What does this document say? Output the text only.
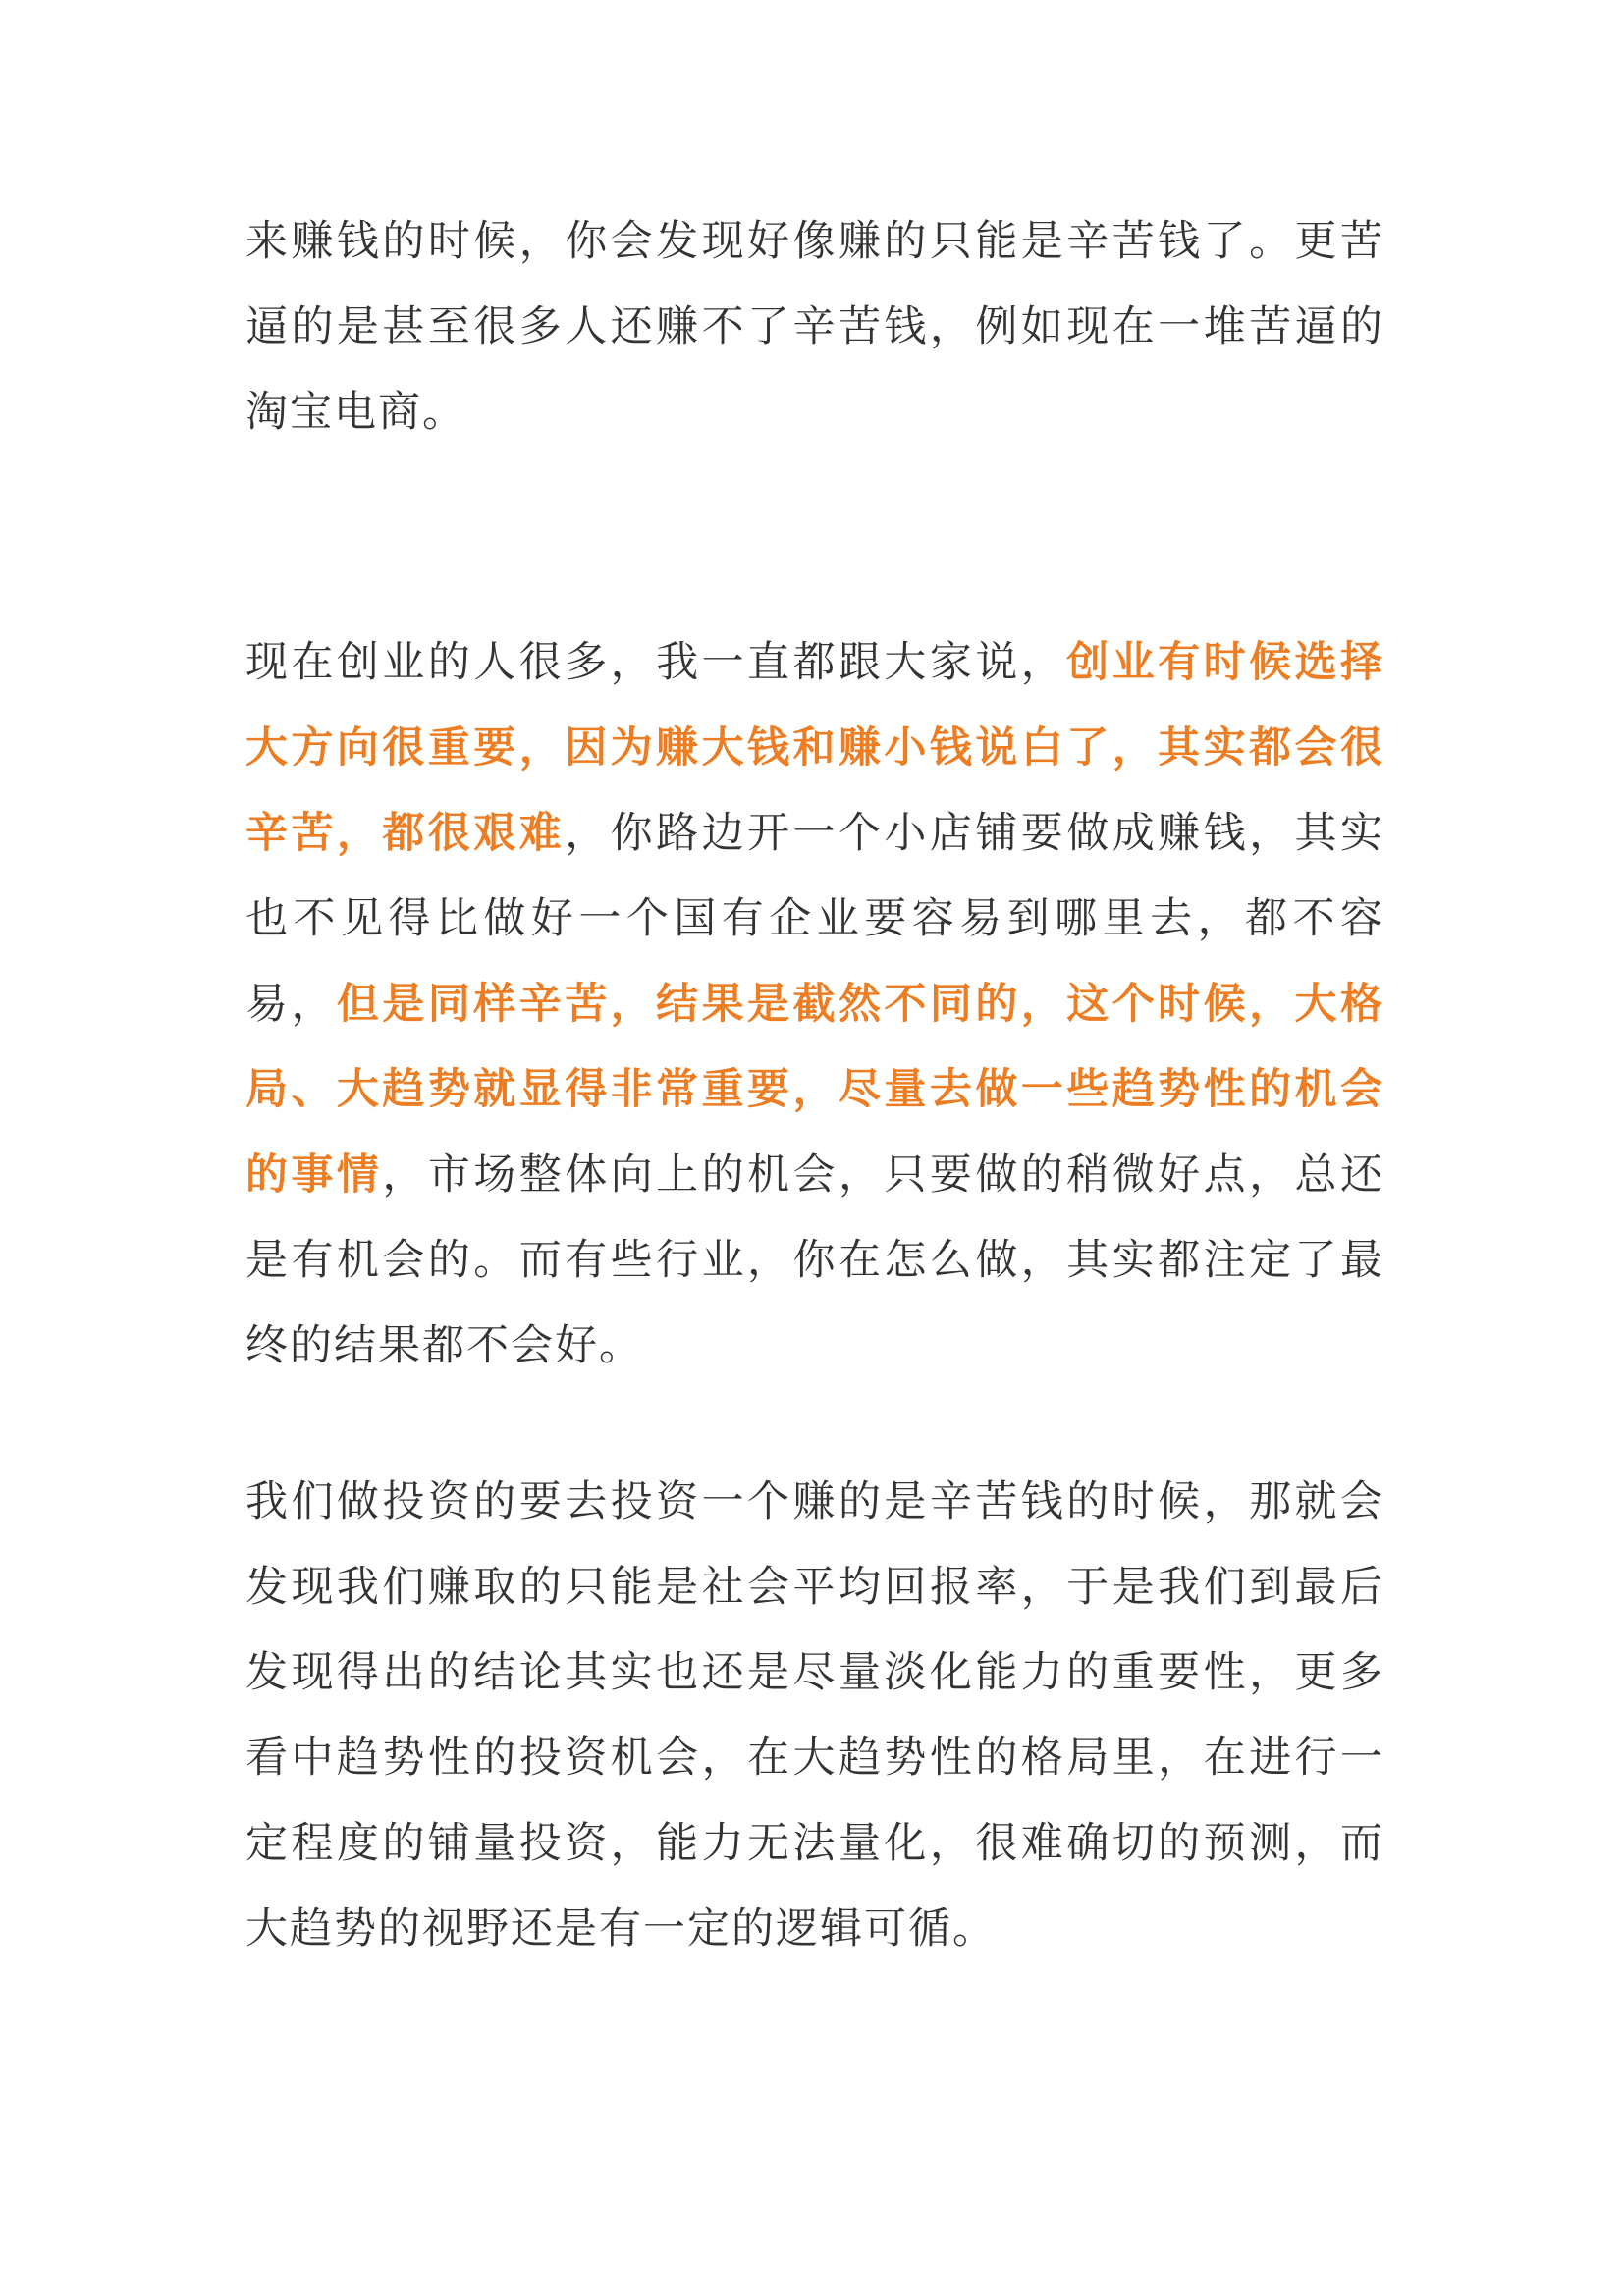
来赚钱的时候，你会发现好像赚的只能是辛苦钱了。更苦逼的是甚至很多人还赚不了辛苦钱，例如现在一堆苦逼的淘宝电商。

现在创业的人很多，我一直都跟大家说，创业有时候选择大方向很重要，因为赚大钱和赚小钱说白了，其实都会很辛苦，都很艰难，你路边开一个小店铺要做成赚钱，其实也不见得比做好一个国有企业要容易到哪里去，都不容易，但是同样辛苦，结果是截然不同的，这个时候，大格局、大趋势就显得非常重要，尽量去做一些趋势性的机会的事情，市场整体向上的机会，只要做的稍微好点，总还是有机会的。而有些行业，你在怎么做，其实都注定了最终的结果都不会好。

我们做投资的要去投资一个赚的是辛苦钱的时候，那就会发现我们赚取的只能是社会平均回报率，于是我们到最后发现得出的结论其实也还是尽量淡化能力的重要性，更多看中趋势性的投资机会，在大趋势性的格局里，在进行一定程度的铺量投资，能力无法量化，很难确切的预测，而大趋势的视野还是有一定的逻辑可循。
